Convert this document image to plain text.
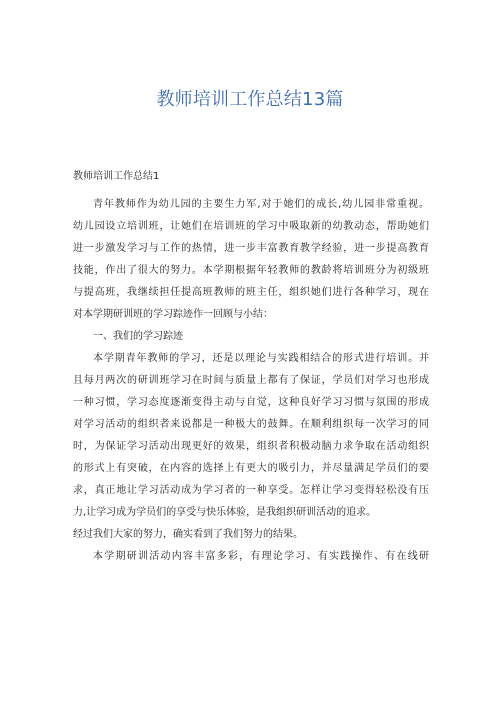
教师培训工作总结13篇
教师培训工作总结1
青年教师作为幼儿园的主要生力军,对于她们的成长,幼儿园非常重视。
幼儿园设立培训班，让她们在培训班的学习中吸取新的幼教动态，帮助她们
进一步激发学习与工作的热情，进一步丰富教育教学经验，进一步提高教育
技能，作出了很大的努力。本学期根据年轻教师的教龄将培训班分为初级班
与提高班，我继续担任提高班教师的班主任，组织她们进行各种学习，现在
对本学期研训班的学习踪迹作一回顾与小结：
一、我们的学习踪迹
本学期青年教师的学习，还是以理论与实践相结合的形式进行培训。并
且每月两次的研训班学习在时间与质量上都有了保证，学员们对学习也形成
一种习惯，学习态度逐渐变得主动与自觉，这种良好学习习惯与氛围的形成
对学习活动的组织者来说都是一种极大的鼓舞。在顺利组织每一次学习的同
时，为保证学习活动出现更好的效果，组织者积极动脑力求争取在活动组织
的形式上有突破，在内容的选择上有更大的吸引力，并尽量满足学员们的要
求，真正地让学习活动成为学习者的一种享受。怎样让学习变得轻松没有压
力,让学习成为学员们的享受与快乐体验，是我组织研训活动的追求。
经过我们大家的努力，确实看到了我们努力的结果。
本学期研训活动内容丰富多彩，有理论学习、有实践操作、有在线研
